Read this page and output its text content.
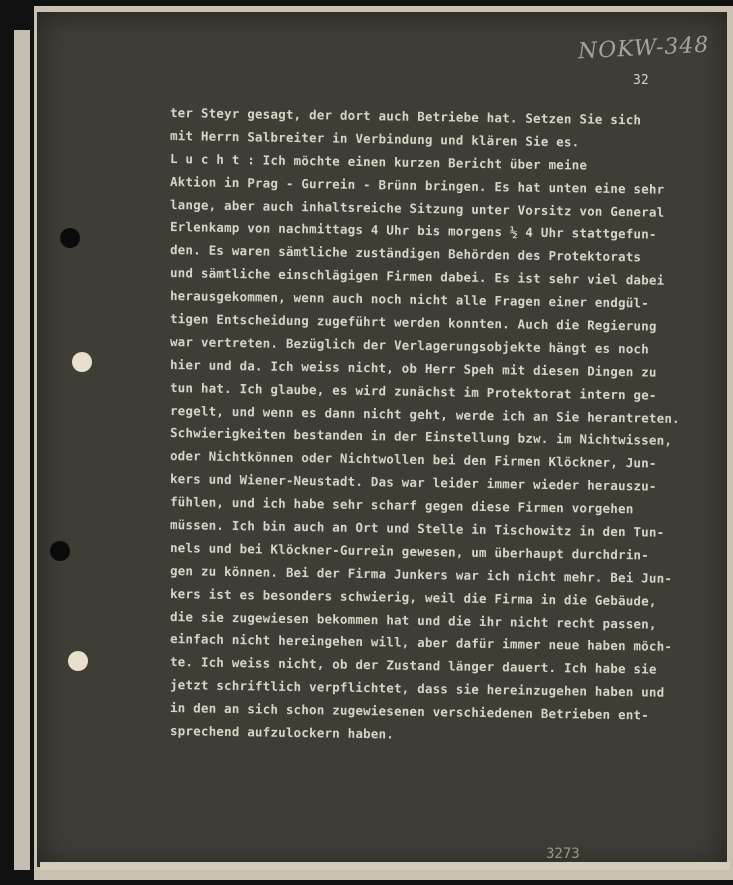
NOKW-348
32
ter Steyr gesagt, der dort auch Betriebe hat. Setzen Sie sich
mit Herrn Salbreiter in Verbindung und klären Sie es.
L u c h t : Ich möchte einen kurzen Bericht über meine
Aktion in Prag - Gurrein - Brünn bringen. Es hat unten eine sehr
lange, aber auch inhaltsreiche Sitzung unter Vorsitz von General
Erlenkamp von nachmittags 4 Uhr bis morgens ½ 4 Uhr stattgefun-
den. Es waren sämtliche zuständigen Behörden des Protektorats
und sämtliche einschlägigen Firmen dabei. Es ist sehr viel dabei
herausgekommen, wenn auch noch nicht alle Fragen einer endgül-
tigen Entscheidung zugeführt werden konnten. Auch die Regierung
war vertreten. Bezüglich der Verlagerungsobjekte hängt es noch
hier und da. Ich weiss nicht, ob Herr Speh mit diesen Dingen zu
tun hat. Ich glaube, es wird zunächst im Protektorat intern ge-
regelt, und wenn es dann nicht geht, werde ich an Sie herantreten.
Schwierigkeiten bestanden in der Einstellung bzw. im Nichtwissen,
oder Nichtkönnen oder Nichtwollen bei den Firmen Klöckner, Jun-
kers und Wiener-Neustadt. Das war leider immer wieder herauszu-
fühlen, und ich habe sehr scharf gegen diese Firmen vorgehen
müssen. Ich bin auch an Ort und Stelle in Tischowitz in den Tun-
nels und bei Klöckner-Gurrein gewesen, um überhaupt durchdrin-
gen zu können. Bei der Firma Junkers war ich nicht mehr. Bei Jun-
kers ist es besonders schwierig, weil die Firma in die Gebäude,
die sie zugewiesen bekommen hat und die ihr nicht recht passen,
einfach nicht hereingehen will, aber dafür immer neue haben möch-
te. Ich weiss nicht, ob der Zustand länger dauert. Ich habe sie
jetzt schriftlich verpflichtet, dass sie hereinzugehen haben und
in den an sich schon zugewiesenen verschiedenen Betrieben ent-
sprechend aufzulockern haben.
3273
